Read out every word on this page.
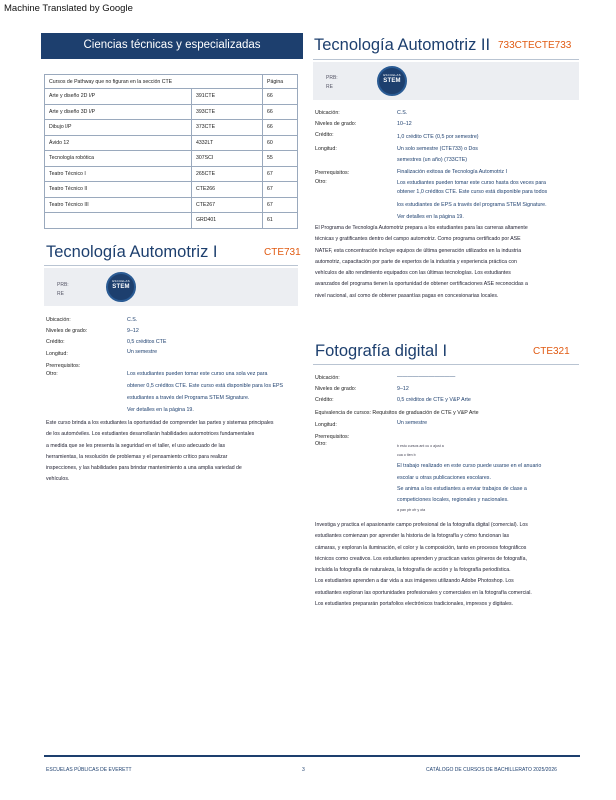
Machine Translated by Google
Ciencias técnicas y especializadas
Cursos de Pathway que no figuran en la sección CTE		Página
Arte y diseño 2D I/P	391CTE	66
Arte y diseño 3D I/P	393CTE	66
Dibujo I/P	373CTE	66
Ávido 12	4332LT	60
Tecnología robótica	307SCI	55
Teatro Técnico I	265CTE	67
Teatro Técnico II	CTE266	67
Teatro Técnico III	CTE267	67
	GRD401	61
Tecnología Automotriz I	CTE731
PRB:
RE
ESCUELAS
STEM
Ubicación:	C.S.
Niveles de grado:	9–12
Crédito:	0,5 créditos CTE
Longitud:	Un semestre
Prerrequisitos:
Otro:	Los estudiantes pueden tomar este curso una sola vez para
obtener 0,5 créditos CTE. Este curso está disponible para los EPS
estudiantes a través del Programa STEM Signature.
Ver detalles en la página 19.
Este curso brinda a los estudiantes la oportunidad de comprender las partes y sistemas principales
de los automóviles. Los estudiantes desarrollarán habilidades automotrices fundamentales
a medida que se les presenta la seguridad en el taller, el uso adecuado de las
herramientas, la resolución de problemas y el pensamiento crítico para realizar
inspecciones, y las habilidades para brindar mantenimiento a una amplia variedad de
vehículos.
Tecnología Automotriz II 733CTECTE733
PRB:
RE
ESCUELAS
STEM
Ubicación:	C.S.
Niveles de grado:	10–12
Crédito:	1,0 crédito CTE (0,5 por semestre)
Longitud:	Un solo semestre (CTE733) o Dos
semestres (un año) (733CTE)
Prerrequisitos:	Finalización exitosa de Tecnología Automotriz I
Otro:	Los estudiantes pueden tomar este curso hasta dos veces para
obtener 1,0 créditos CTE. Este curso está disponible para todos
los estudiantes de EPS a través del programa STEM Signature.
Ver detalles en la página 19.
El Programa de Tecnología Automotriz prepara a los estudiantes para las carreras altamente
técnicas y gratificantes dentro del campo automotriz. Como programa certificado por ASE
NATEF, esta concentración incluye equipos de última generación utilizados en la industria
automotriz, capacitación por parte de expertos de la industria y experiencia práctica con
vehículos de alto rendimiento equipados con las últimas tecnologías. Los estudiantes
avanzados del programa tienen la oportunidad de obtener certificaciones ASE reconocidas a
nivel nacional, así como de obtener pasantías pagas en concesionarias locales.
Fotografía digital I	CTE321
Ubicación:	———————————
Niveles de grado:	9–12
Crédito:	0,5 créditos de CTE y V&P Arte
Equivalencia de cursos: Requisitos de graduación de CTE y V&P Arte
Longitud:	Un semestre
Prerrequisitos:
Otro:	b estu cursos ant cu o ajust a
cua o tien b
El trabajo realizado en este curso puede usarse en el anuario
escolar u otras publicaciones escolares.
Se anima a los estudiantes a enviar trabajos de clase a
competiciones locales, regionales y nacionales.
a pan ptr ofr y ota
Investiga y practica el apasionante campo profesional de la fotografía digital (comercial). Los
estudiantes comienzan por aprender la historia de la fotografía y cómo funcionan las
cámaras, y exploran la iluminación, el color y la composición, tanto en procesos fotográficos
técnicos como creativos. Los estudiantes aprenden y practican varios géneros de fotografía,
incluida la fotografía de naturaleza, la fotografía de acción y la fotografía periodística.
Los estudiantes aprenden a dar vida a sus imágenes utilizando Adobe Photoshop. Los
estudiantes exploran las oportunidades profesionales y comerciales en la fotografía comercial.
Los estudiantes prepararán portafolios electrónicos tradicionales, impresos y digitales.
ESCUELAS PÚBLICAS DE EVERETT	3	CATÁLOGO DE CURSOS DE BACHILLERATO 2025/2026
